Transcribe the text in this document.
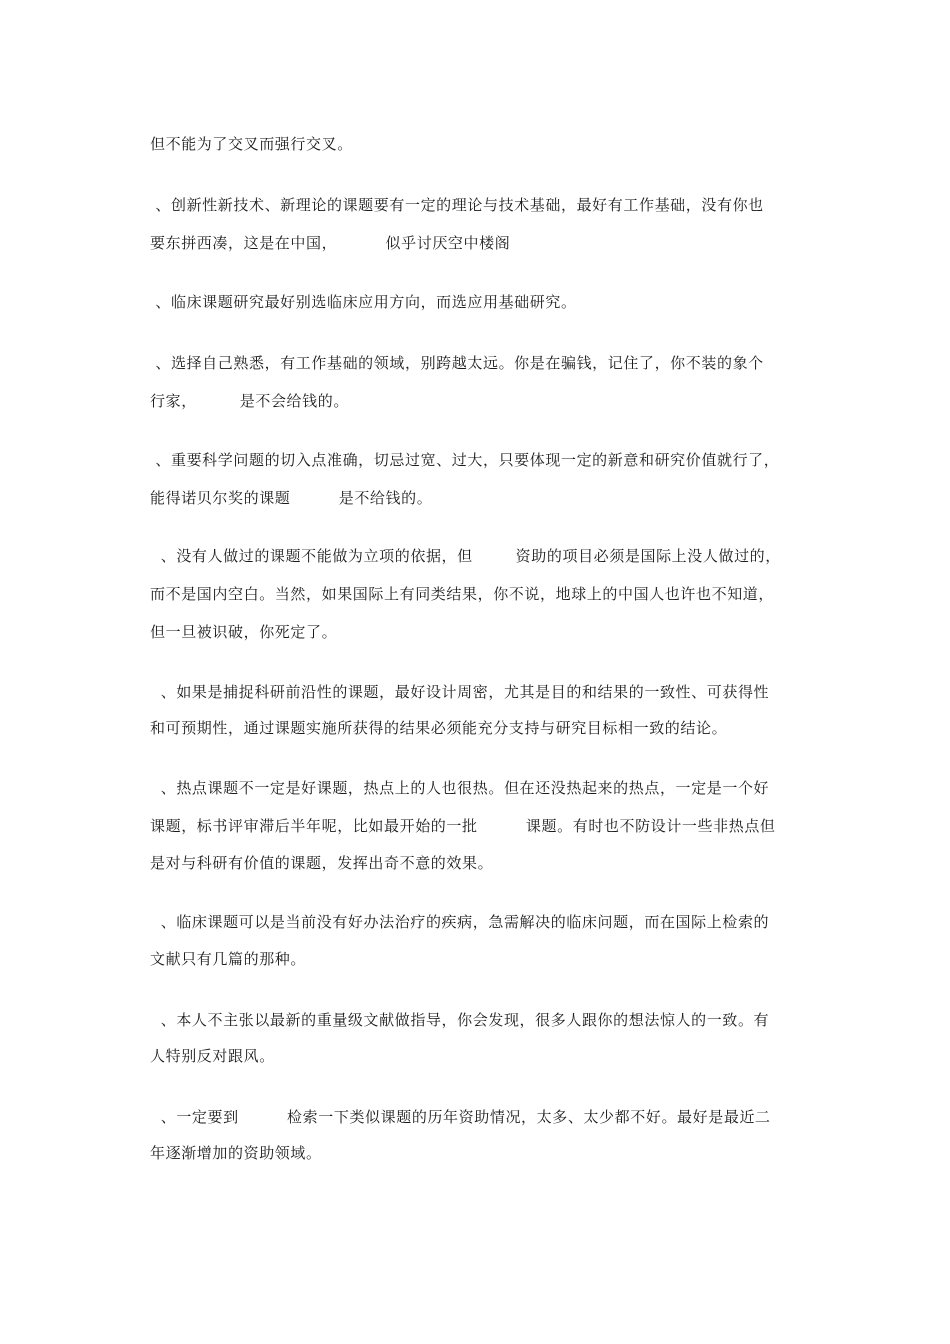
但不能为了交叉而强行交叉。
、创新性新技术、新理论的课题要有一定的理论与技术基础，最好有工作基础，没有你也
要东拼西凑，这是在中国，         似乎讨厌空中楼阁
、临床课题研究最好别选临床应用方向，而选应用基础研究。
、选择自己熟悉，有工作基础的领域，别跨越太远。你是在骗钱，记住了，你不装的象个
行家，        是不会给钱的。
、重要科学问题的切入点准确，切忌过宽、过大，只要体现一定的新意和研究价值就行了，
能得诺贝尔奖的课题         是不给钱的。
、没有人做过的课题不能做为立项的依据，但        资助的项目必须是国际上没人做过的，
而不是国内空白。当然，如果国际上有同类结果，你不说，地球上的中国人也许也不知道，
但一旦被识破，你死定了。
、如果是捕捉科研前沿性的课题，最好设计周密，尤其是目的和结果的一致性、可获得性
和可预期性，通过课题实施所获得的结果必须能充分支持与研究目标相一致的结论。
、热点课题不一定是好课题，热点上的人也很热。但在还没热起来的热点，一定是一个好
课题，标书评审滞后半年呢，比如最开始的一批         课题。有时也不防设计一些非热点但
是对与科研有价值的课题，发挥出奇不意的效果。
、临床课题可以是当前没有好办法治疗的疾病，急需解决的临床问题，而在国际上检索的
文献只有几篇的那种。
、本人不主张以最新的重量级文献做指导，你会发现，很多人跟你的想法惊人的一致。有
人特别反对跟风。
、一定要到         检索一下类似课题的历年资助情况，太多、太少都不好。最好是最近二
年逐渐增加的资助领域。
